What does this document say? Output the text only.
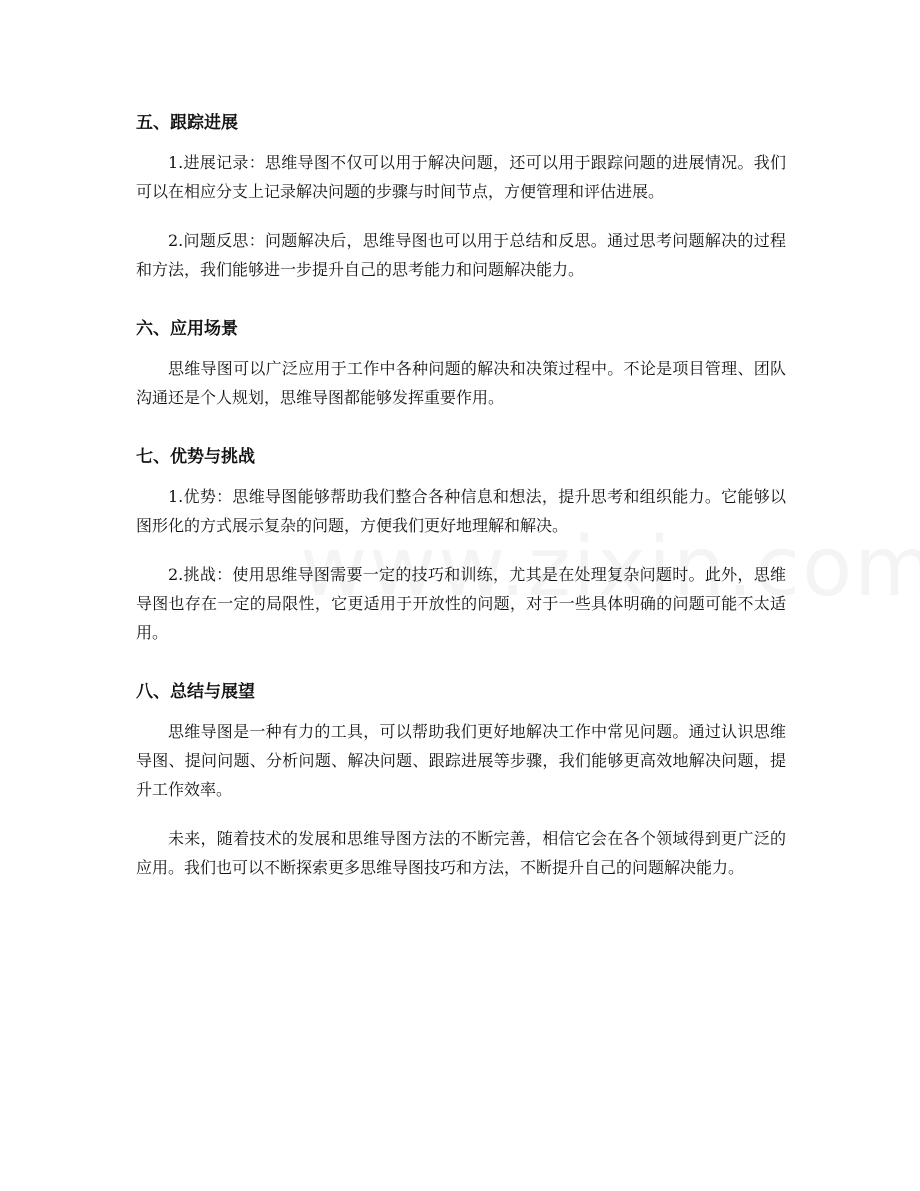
五、跟踪进展

1.进展记录：思维导图不仅可以用于解决问题，还可以用于跟踪问题的进展情况。我们可以在相应分支上记录解决问题的步骤与时间节点，方便管理和评估进展。

2.问题反思：问题解决后，思维导图也可以用于总结和反思。通过思考问题解决的过程和方法，我们能够进一步提升自己的思考能力和问题解决能力。

六、应用场景

思维导图可以广泛应用于工作中各种问题的解决和决策过程中。不论是项目管理、团队沟通还是个人规划，思维导图都能够发挥重要作用。

七、优势与挑战

1.优势：思维导图能够帮助我们整合各种信息和想法，提升思考和组织能力。它能够以图形化的方式展示复杂的问题，方便我们更好地理解和解决。

2.挑战：使用思维导图需要一定的技巧和训练，尤其是在处理复杂问题时。此外，思维导图也存在一定的局限性，它更适用于开放性的问题，对于一些具体明确的问题可能不太适用。

八、总结与展望

思维导图是一种有力的工具，可以帮助我们更好地解决工作中常见问题。通过认识思维导图、提问问题、分析问题、解决问题、跟踪进展等步骤，我们能够更高效地解决问题，提升工作效率。

未来，随着技术的发展和思维导图方法的不断完善，相信它会在各个领域得到更广泛的应用。我们也可以不断探索更多思维导图技巧和方法，不断提升自己的问题解决能力。
